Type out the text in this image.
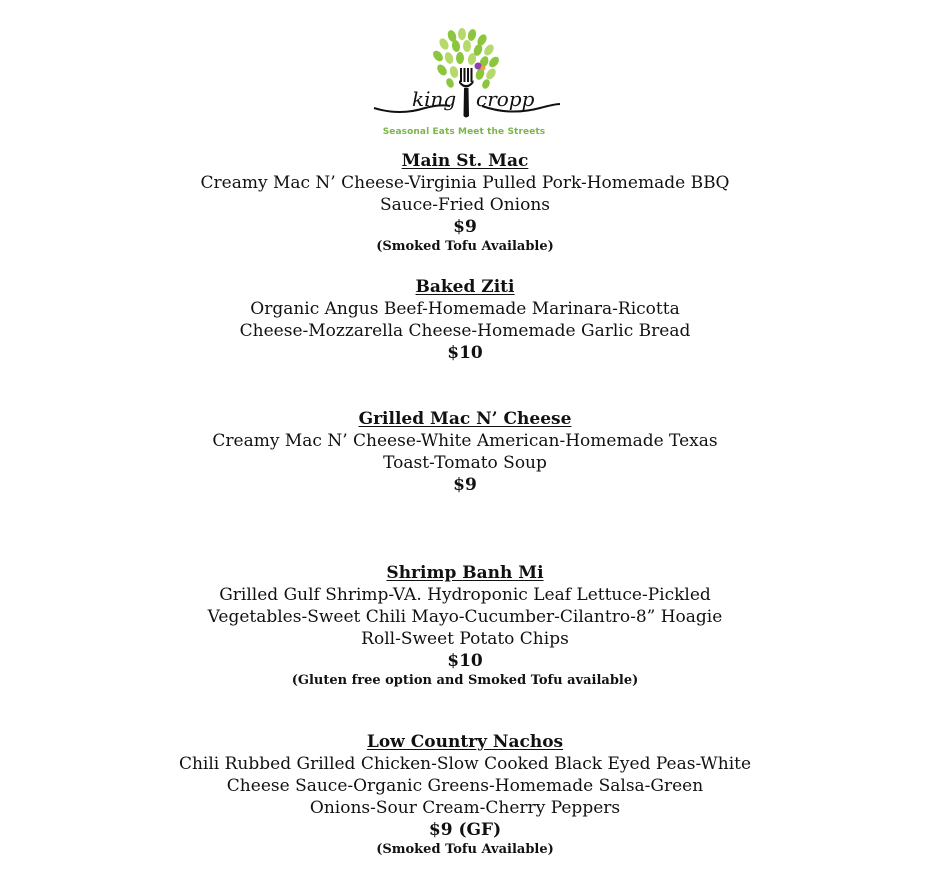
king cropp
Seasonal Eats Meet the Streets
Main St. Mac
Creamy Mac N’ Cheese-Virginia Pulled Pork-Homemade BBQ
Sauce-Fried Onions
$9
(Smoked Tofu Available)
Baked Ziti
Organic Angus Beef-Homemade Marinara-Ricotta
Cheese-Mozzarella Cheese-Homemade Garlic Bread
$10
Grilled Mac N’ Cheese
Creamy Mac N’ Cheese-White American-Homemade Texas
Toast-Tomato Soup
$9
Shrimp Banh Mi
Grilled Gulf Shrimp-VA. Hydroponic Leaf Lettuce-Pickled
Vegetables-Sweet Chili Mayo-Cucumber-Cilantro-8” Hoagie
Roll-Sweet Potato Chips
$10
(Gluten free option and Smoked Tofu available)
Low Country Nachos
Chili Rubbed Grilled Chicken-Slow Cooked Black Eyed Peas-White
Cheese Sauce-Organic Greens-Homemade Salsa-Green
Onions-Sour Cream-Cherry Peppers
$9 (GF)
(Smoked Tofu Available)
